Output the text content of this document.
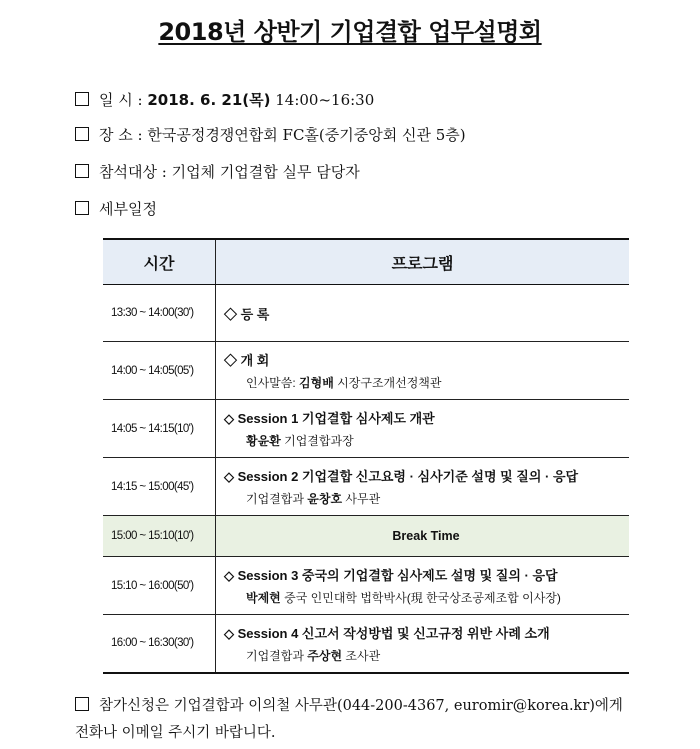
2018년 상반기 기업결합 업무설명회
일 시 : 2018. 6. 21(목) 14:00~16:30
장 소 : 한국공정경쟁연합회 FC홀(중기중앙회 신관 5층)
참석대상 : 기업체 기업결합 실무 담당자
세부일정
시간	프로그램
13:30 ~ 14:00(30')	◇ 등 록

14:00 ~ 14:05(05')	◇ 개 회
인사말씀: 김형배 시장구조개선정책관

14:05 ~ 14:15(10')	◇ Session 1 기업결합 심사제도 개관
황윤환 기업결합과장

14:15 ~ 15:00(45')	◇ Session 2 기업결합 신고요령 · 심사기준 설명 및 질의 · 응답
기업결합과 윤창호 사무관

15:00 ~ 15:10(10')	Break Time
15:10 ~ 16:00(50')	◇ Session 3 중국의 기업결합 심사제도 설명 및 질의 · 응답
박제현 중국 인민대학 법학박사(現 한국상조공제조합 이사장)

16:00 ~ 16:30(30')	◇ Session 4 신고서 작성방법 및 신고규정 위반 사례 소개
기업결합과 주상현 조사관
참가신청은 기업결합과 이의철 사무관(044-200-4367, euromir@korea.kr)에게
전화나 이메일 주시기 바랍니다.
